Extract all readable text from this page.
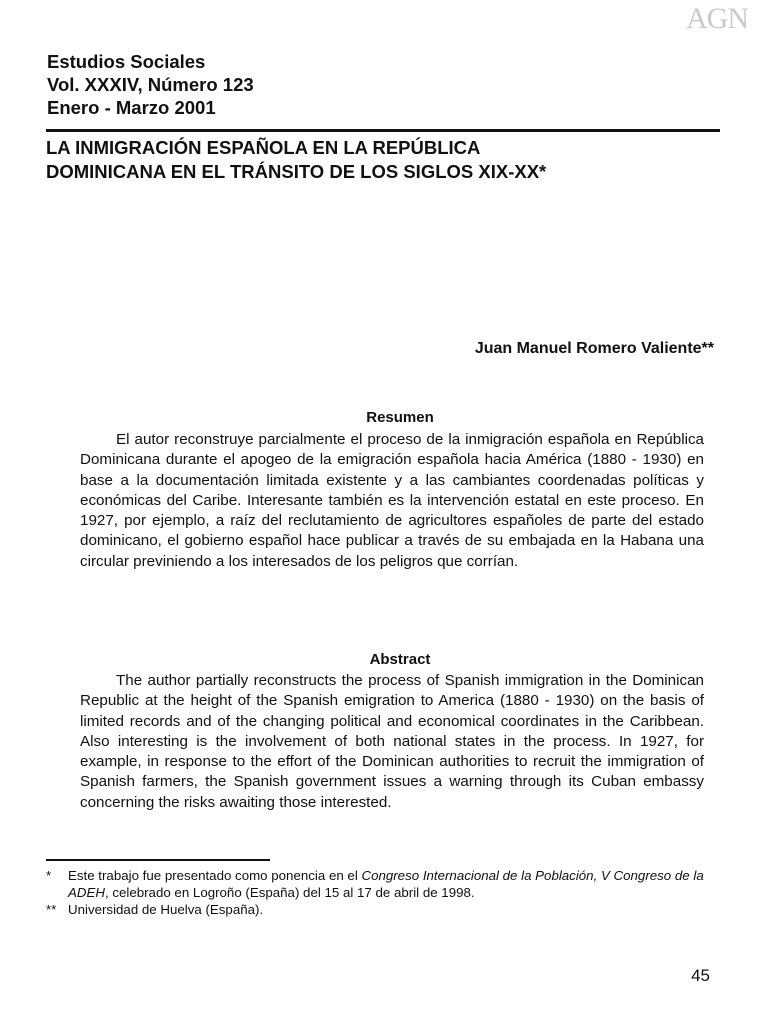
AGN
Estudios Sociales
Vol. XXXIV, Número 123
Enero - Marzo 2001
LA INMIGRACIÓN ESPAÑOLA EN LA REPÚBLICA
DOMINICANA EN EL TRÁNSITO DE LOS SIGLOS XIX-XX*
Juan Manuel Romero Valiente**
Resumen
El autor reconstruye parcialmente el proceso de la inmigración española en República Dominicana durante el apogeo de la emigración española hacia América (1880 - 1930) en base a la documentación limitada existente y a las cambiantes coordenadas políticas y económicas del Caribe. Interesante también es la intervención estatal en este proceso. En 1927, por ejemplo, a raíz del reclutamiento de agricultores españoles de parte del estado dominicano, el gobierno español hace publicar a través de su embajada en la Habana una circular previniendo a los interesados de los peligros que corrían.
Abstract
The author partially reconstructs the process of Spanish immigration in the Dominican Republic at the height of the Spanish emigration to America (1880 - 1930) on the basis of limited records and of the changing political and economical coordinates in the Caribbean. Also interesting is the involvement of both national states in the process. In 1927, for example, in response to the effort of the Dominican authorities to recruit the immigration of Spanish farmers, the Spanish government issues a warning through its Cuban embassy concerning the risks awaiting those interested.
*	Este trabajo fue presentado como ponencia en el Congreso Internacional de la Población, V Congreso de la ADEH, celebrado en Logroño (España) del 15 al 17 de abril de 1998.
** Universidad de Huelva (España).
45
